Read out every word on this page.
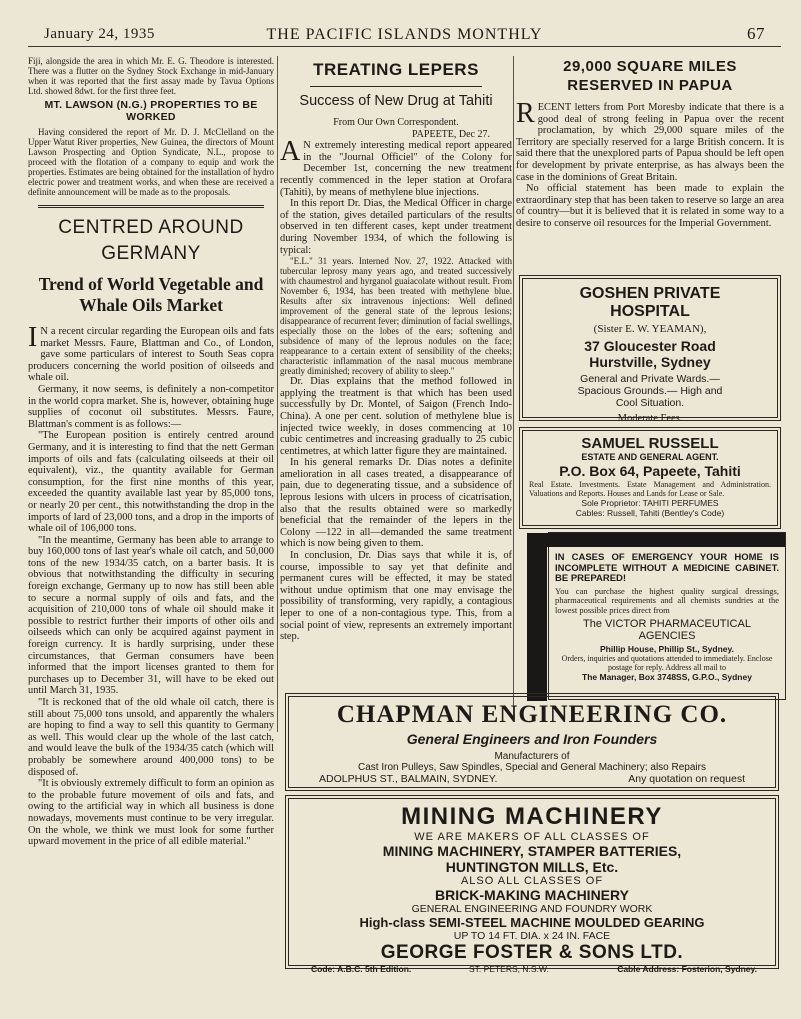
January 24, 1935	THE PACIFIC ISLANDS MONTHLY	67

Fiji, alongside the area in which Mr. E. G. Theodore is interested. There was a flutter on the Sydney Stock Exchange in mid-January when it was reported that the first assay made by Tavua Options Ltd. showed 8dwt. for the first three feet.

MT. LAWSON (N.G.) PROPERTIES TO BE WORKED

Having considered the report of Mr. D. J. McClelland on the Upper Watut River properties, New Guinea, the directors of Mount Lawson Prospecting and Option Syndicate, N.L., propose to proceed with the flotation of a company to equip and work the properties. Estimates are being obtained for the installation of hydro electric power and treatment works, and when these are received a definite announcement will be made as to the proposals.

CENTRED AROUND
GERMANY
Trend of World Vegetable and Whale Oils Market

I N a recent circular regarding the European oils and fats market Messrs. Faure, Blattman and Co., of London, gave some particulars of interest to South Seas copra producers concerning the world position of oilseeds and whale oil.

Germany, it now seems, is definitely a non-competitor in the world copra market. She is, however, obtaining huge supplies of coconut oil substitutes. Messrs. Faure, Blattman's comment is as follows:—

"The European position is entirely centred around Germany, and it is interesting to find that the nett German imports of oils and fats (calculating oilseeds at their oil equivalent), viz., the quantity available for German consumption, for the first nine months of this year, exceeded the quantity available last year by 85,000 tons, or nearly 20 per cent., this notwithstanding the drop in the imports of lard of 23,000 tons, and a drop in the imports of whale oil of 106,000 tons.

"In the meantime, Germany has been able to arrange to buy 160,000 tons of last year's whale oil catch, and 50,000 tons of the new 1934/35 catch, on a barter basis. It is obvious that notwithstanding the difficulty in securing foreign exchange, Germany up to now has still been able to secure a normal supply of oils and fats, and the acquisition of 210,000 tons of whale oil should make it possible to restrict further their imports of other oils and oilseeds which can only be acquired against payment in foreign currency. It is hardly surprising, under these circumstances, that German consumers have been informed that the import licenses granted to them for purchases up to December 31, will have to be eked out until March 31, 1935.

"It is reckoned that of the old whale oil catch, there is still about 75,000 tons unsold, and apparently the whalers are hoping to find a way to sell this quantity to Germany as well. This would clear up the whole of the last catch, and would leave the bulk of the 1934/35 catch (which will probably be somewhere around 400,000 tons) to be disposed of.

"It is obviously extremely difficult to form an opinion as to the probable future movement of oils and fats, and owing to the artificial way in which all business is done nowadays, movements must continue to be very irregular. On the whole, we think we must look for some further upward movement in the price of all edible material."

TREATING LEPERS
Success of New Drug at Tahiti

From Our Own Correspondent.

PAPEETE, Dec 27.

A N extremely interesting medical report appeared in the "Journal Officiel" of the Colony for December 1st, concerning the new treatment recently commenced in the leper station at Orofara (Tahiti), by means of methylene blue injections.

In this report Dr. Dias, the Medical Officer in charge of the station, gives detailed particulars of the results observed in ten different cases, kept under treatment during November 1934, of which the following is typical:

"E.L." 31 years. Interned Nov. 27, 1922. Attacked with tubercular leprosy many years ago, and treated successively with chaumestrol and hyrganol guaiacolate without result. From November 6, 1934, has been treated with methylene blue. Results after six intravenous injections: Well defined improvement of the general state of the leprous lesions; disappearance of recurrent fever; diminution of facial swellings, especially those on the lobes of the ears; softening and subsidence of many of the leprous nodules on the face; reappearance to a certain extent of sensibility of the cheeks; characteristic inflammation of the nasal mucous membrane greatly diminished; recovery of ability to sleep."

Dr. Dias explains that the method followed in applying the treatment is that which has been used successfully by Dr. Montel, of Saigon (French Indo-China). A one per cent. solution of methylene blue is injected twice weekly, in doses commencing at 10 cubic centimetres and increasing gradually to 25 cubic centimetres, at which latter figure they are maintained.

In his general remarks Dr. Dias notes a definite amelioration in all cases treated, a disappearance of pain, due to degenerating tissue, and a subsidence of leprous lesions with ulcers in process of cicatrisation, also that the results obtained were so markedly beneficial that the remainder of the lepers in the Colony —122 in all—demanded the same treatment which is now being given to them.

In conclusion, Dr. Dias says that while it is, of course, impossible to say yet that definite and permanent cures will be effected, it may be stated without undue optimism that one may envisage the possibility of transforming, very rapidly, a contagious leper to one of a non-contagious type. This, from a social point of view, represents an extremely important step.

29,000 SQUARE MILES
RESERVED IN PAPUA

RECENT letters from Port Moresby indicate that there is a good deal of strong feeling in Papua over the recent proclamation, by which 29,000 square miles of the Territory are specially reserved for a large British concern. It is said there that the unexplored parts of Papua should be left open for development by private enterprise, as has always been the case in the dominions of Great Britain.

No official statement has been made to explain the extraordinary step that has been taken to reserve so large an area of country—but it is believed that it is related in some way to a desire to conserve oil resources for the Imperial Government.

GOSHEN PRIVATE
HOSPITAL
(Sister E. W. YEAMAN),
37 Gloucester Road
Hurstville, Sydney
General and Private Wards.—
Spacious Grounds.— High and
Cool Situation.
Moderate Fees.
SAMUEL RUSSELL
ESTATE AND GENERAL AGENT.
P.O. Box 64, Papeete, Tahiti

Real Estate. Investments. Estate Management and Administration. Valuations and Reports. Houses and Lands for Lease or Sale.

Sole Proprietor: TAHITI PERFUMES
Cables: Russell, Tahiti (Bentley's Code)
IN CASES OF EMERGENCY YOUR HOME IS INCOMPLETE WITHOUT A MEDICINE CABINET. BE PREPARED!

You can purchase the highest quality surgical dressings, pharmaceutical requirements and all chemists sundries at the lowest possible prices direct from

The VICTOR PHARMACEUTICAL
AGENCIES
Phillip House, Phillip St., Sydney.
Orders, inquiries and quotations attended to immediately. Enclose postage for reply. Address all mail to
The Manager, Box 3748SS, G.P.O., Sydney
CHAPMAN ENGINEERING CO.
General Engineers and Iron Founders
Manufacturers of
Cast Iron Pulleys, Saw Spindles, Special and General Machinery; also Repairs
ADOLPHUS ST., BALMAIN, SYDNEY.	Any quotation on request
MINING MACHINERY
WE ARE MAKERS OF ALL CLASSES OF
MINING MACHINERY, STAMPER BATTERIES,
HUNTINGTON MILLS, Etc.
ALSO ALL CLASSES OF
BRICK-MAKING MACHINERY
GENERAL ENGINEERING AND FOUNDRY WORK
High-class SEMI-STEEL MACHINE MOULDED GEARING
UP TO 14 FT. DIA. x 24 IN. FACE
GEORGE FOSTER & SONS LTD.
Code: A.B.C. 5th Edition.	ST. PETERS, N.S.W.	Cable Address: Fosterion, Sydney.
